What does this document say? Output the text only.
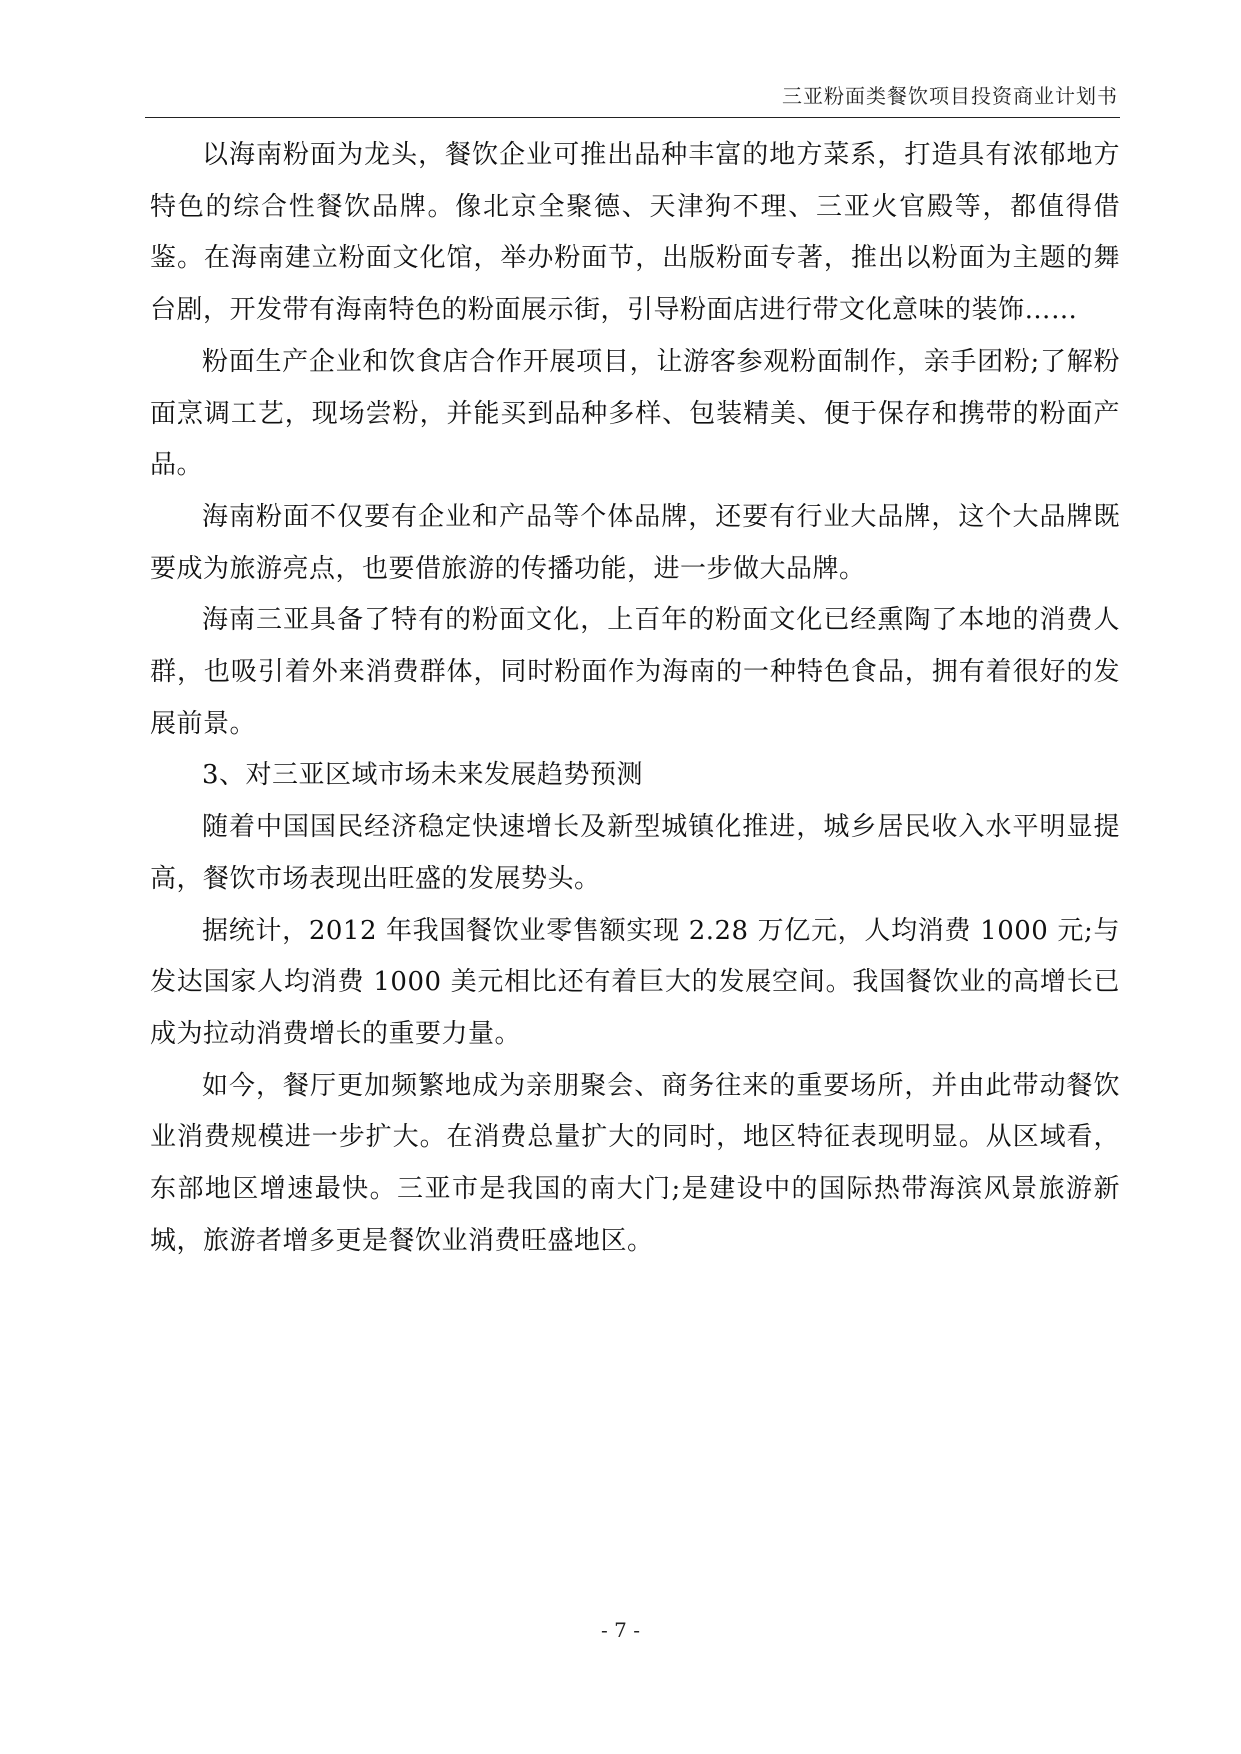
三亚粉面类餐饮项目投资商业计划书

以海南粉面为龙头，餐饮企业可推出品种丰富的地方菜系，打造具有浓郁地方特色的综合性餐饮品牌。像北京全聚德、天津狗不理、三亚火官殿等，都值得借鉴。在海南建立粉面文化馆，举办粉面节，出版粉面专著，推出以粉面为主题的舞台剧，开发带有海南特色的粉面展示街，引导粉面店进行带文化意味的装饰……

粉面生产企业和饮食店合作开展项目，让游客参观粉面制作，亲手团粉;了解粉面烹调工艺，现场尝粉，并能买到品种多样、包装精美、便于保存和携带的粉面产品。

海南粉面不仅要有企业和产品等个体品牌，还要有行业大品牌，这个大品牌既要成为旅游亮点，也要借旅游的传播功能，进一步做大品牌。

海南三亚具备了特有的粉面文化，上百年的粉面文化已经熏陶了本地的消费人群，也吸引着外来消费群体，同时粉面作为海南的一种特色食品，拥有着很好的发展前景。

3、对三亚区域市场未来发展趋势预测

随着中国国民经济稳定快速增长及新型城镇化推进，城乡居民收入水平明显提高，餐饮市场表现出旺盛的发展势头。

据统计，2012 年我国餐饮业零售额实现 2.28 万亿元，人均消费 1000 元;与发达国家人均消费 1000 美元相比还有着巨大的发展空间。我国餐饮业的高增长已成为拉动消费增长的重要力量。

如今，餐厅更加频繁地成为亲朋聚会、商务往来的重要场所，并由此带动餐饮业消费规模进一步扩大。在消费总量扩大的同时，地区特征表现明显。从区域看，东部地区增速最快。三亚市是我国的南大门;是建设中的国际热带海滨风景旅游新城，旅游者增多更是餐饮业消费旺盛地区。

- 7 -
